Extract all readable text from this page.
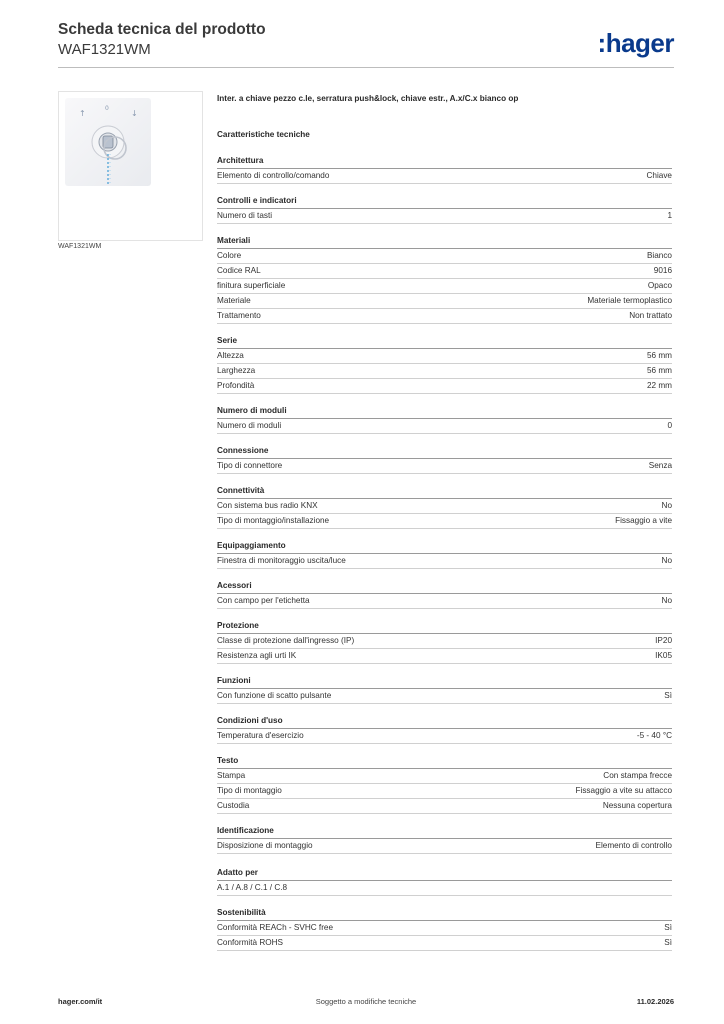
Scheda tecnica del prodotto
WAF1321WM	:hager
↑
0
↓
WAF1321WM
Inter. a chiave pezzo c.le, serratura push&lock, chiave estr., A.x/C.x bianco op
Caratteristiche tecniche
Architettura
Elemento di controllo/comando	Chiave
Controlli e indicatori
Numero di tasti	1
Materiali
Colore	Bianco
Codice RAL	9016
finitura superficiale	Opaco
Materiale	Materiale termoplastico
Trattamento	Non trattato
Serie
Altezza	56 mm
Larghezza	56 mm
Profondità	22 mm
Numero di moduli
Numero di moduli	0
Connessione
Tipo di connettore	Senza
Connettività
Con sistema bus radio KNX	No
Tipo di montaggio/installazione	Fissaggio a vite
Equipaggiamento
Finestra di monitoraggio uscita/luce	No
Acessori
Con campo per l'etichetta	No
Protezione
Classe di protezione dall'ingresso (IP)	IP20
Resistenza agli urti IK	IK05
Funzioni
Con funzione di scatto pulsante	Sì
Condizioni d'uso
Temperatura d'esercizio	-5 - 40 °C
Testo
Stampa	Con stampa frecce
Tipo di montaggio	Fissaggio a vite su attacco
Custodia	Nessuna copertura
Identificazione
Disposizione di montaggio	Elemento di controllo
Adatto per
A.1 / A.8 / C.1 / C.8
Sostenibilità
Conformità REACh - SVHC free	Sì
Conformità ROHS	Sì
hager.com/it	Soggetto a modifiche tecniche	11.02.2026
